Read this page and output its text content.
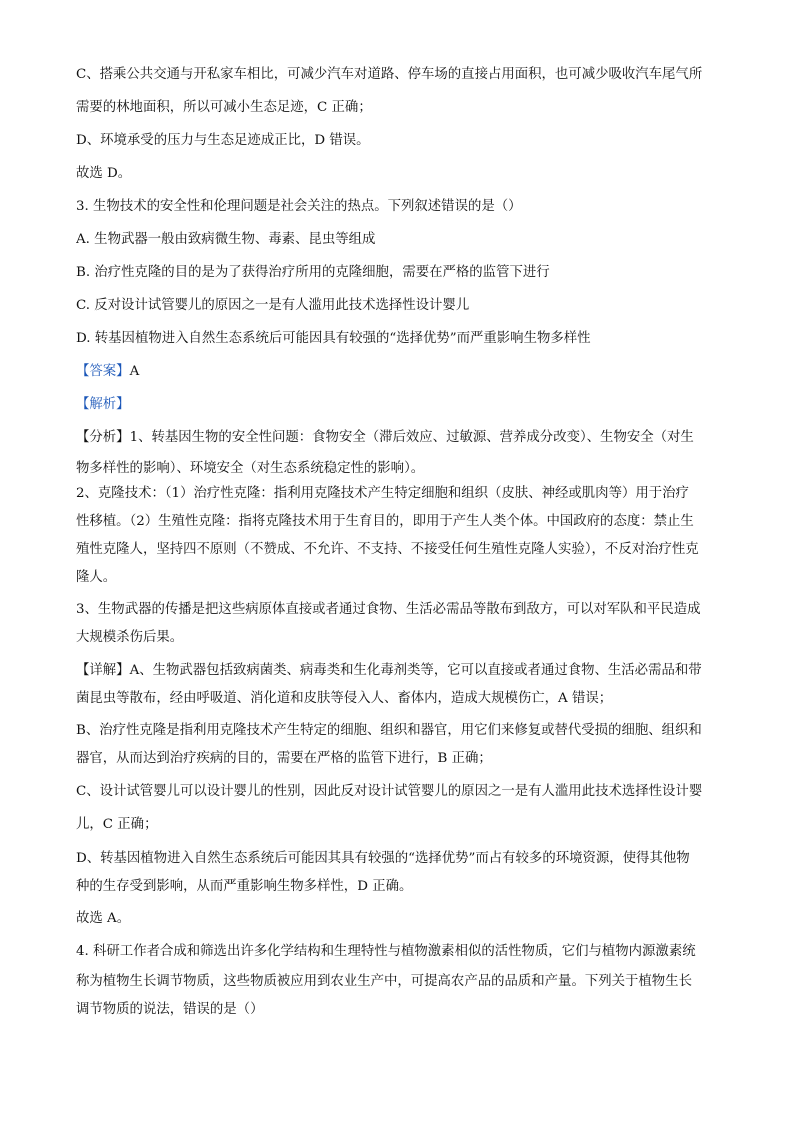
C、搭乘公共交通与开私家车相比，可减少汽车对道路、停车场的直接占用面积，也可减少吸收汽车尾气所
需要的林地面积，所以可减小生态足迹，C 正确；
D、环境承受的压力与生态足迹成正比，D 错误。
故选 D。
3. 生物技术的安全性和伦理问题是社会关注的热点。下列叙述错误的是（）
A. 生物武器一般由致病微生物、毒素、昆虫等组成
B. 治疗性克隆的目的是为了获得治疗所用的克隆细胞，需要在严格的监管下进行
C. 反对设计试管婴儿的原因之一是有人滥用此技术选择性设计婴儿
D. 转基因植物进入自然生态系统后可能因具有较强的“选择优势”而严重影响生物多样性
【答案】A
【解析】
【分析】1、转基因生物的安全性问题：食物安全（滞后效应、过敏源、营养成分改变）、生物安全（对生
物多样性的影响）、环境安全（对生态系统稳定性的影响）。
2、克隆技术：（1）治疗性克隆：指利用克隆技术产生特定细胞和组织（皮肤、神经或肌肉等）用于治疗
性移植。（2）生殖性克隆：指将克隆技术用于生育目的，即用于产生人类个体。中国政府的态度：禁止生
殖性克隆人，坚持四不原则（不赞成、不允许、不支持、不接受任何生殖性克隆人实验），不反对治疗性克
隆人。
3、生物武器的传播是把这些病原体直接或者通过食物、生活必需品等散布到敌方，可以对军队和平民造成
大规模杀伤后果。
【详解】A、生物武器包括致病菌类、病毒类和生化毒剂类等，它可以直接或者通过食物、生活必需品和带
菌昆虫等散布，经由呼吸道、消化道和皮肤等侵入人、畜体内，造成大规模伤亡，A 错误；
B、治疗性克隆是指利用克隆技术产生特定的细胞、组织和器官，用它们来修复或替代受损的细胞、组织和
器官，从而达到治疗疾病的目的，需要在严格的监管下进行，B 正确；
C、设计试管婴儿可以设计婴儿的性别，因此反对设计试管婴儿的原因之一是有人滥用此技术选择性设计婴
儿，C 正确；
D、转基因植物进入自然生态系统后可能因其具有较强的“选择优势”而占有较多的环境资源，使得其他物
种的生存受到影响，从而严重影响生物多样性，D 正确。
故选 A。
4. 科研工作者合成和筛选出许多化学结构和生理特性与植物激素相似的活性物质，它们与植物内源激素统
称为植物生长调节物质，这些物质被应用到农业生产中，可提高农产品的品质和产量。下列关于植物生长
调节物质的说法，错误的是（）
